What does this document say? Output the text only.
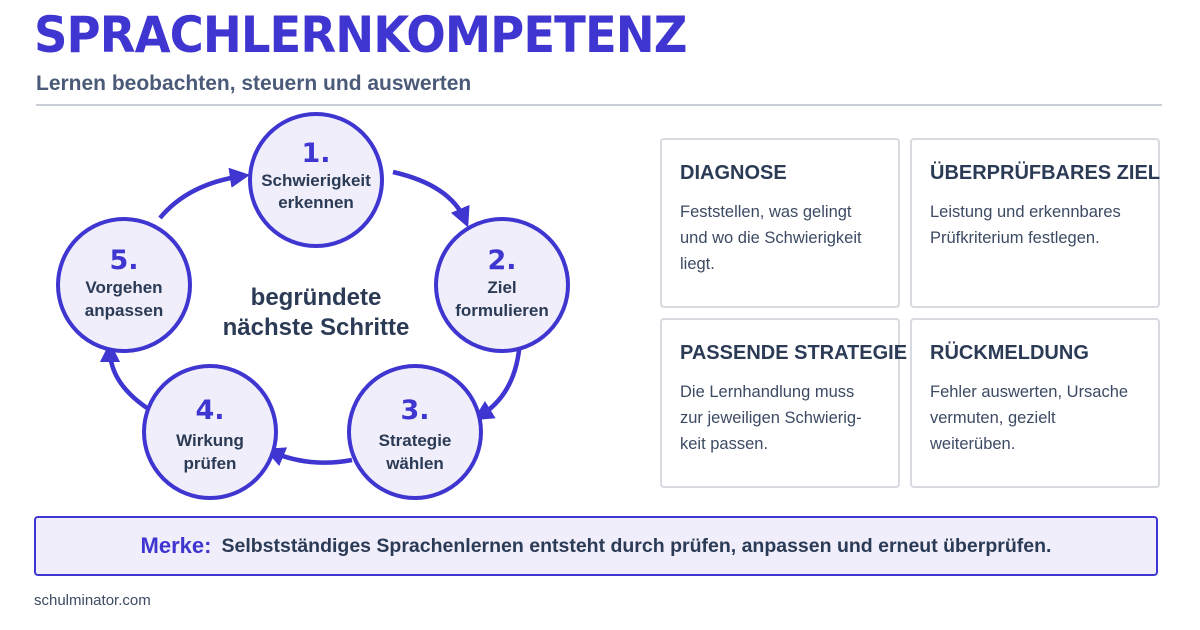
SPRACHLERNKOMPETENZ
Lernen beobachten, steuern und auswerten
1.
Schwierigkeit
erkennen
2.
Ziel
formulieren
3.
Strategie
wählen
4.
Wirkung
prüfen
5.
Vorgehen
anpassen	begründete
nächste Schritte
DIAGNOSE
Feststellen, was gelingt
und wo die Schwierigkeit
liegt.
ÜBERPRÜFBARES ZIEL
Leistung und erkennbares
Prüfkriterium festlegen.
PASSENDE STRATEGIE
Die Lernhandlung muss
zur jeweiligen Schwierig-
keit passen.
RÜCKMELDUNG
Fehler auswerten, Ursache
vermuten, gezielt
weiterüben.
Merke: Selbstständiges Sprachenlernen entsteht durch prüfen, anpassen und erneut überprüfen.
schulminator.com
